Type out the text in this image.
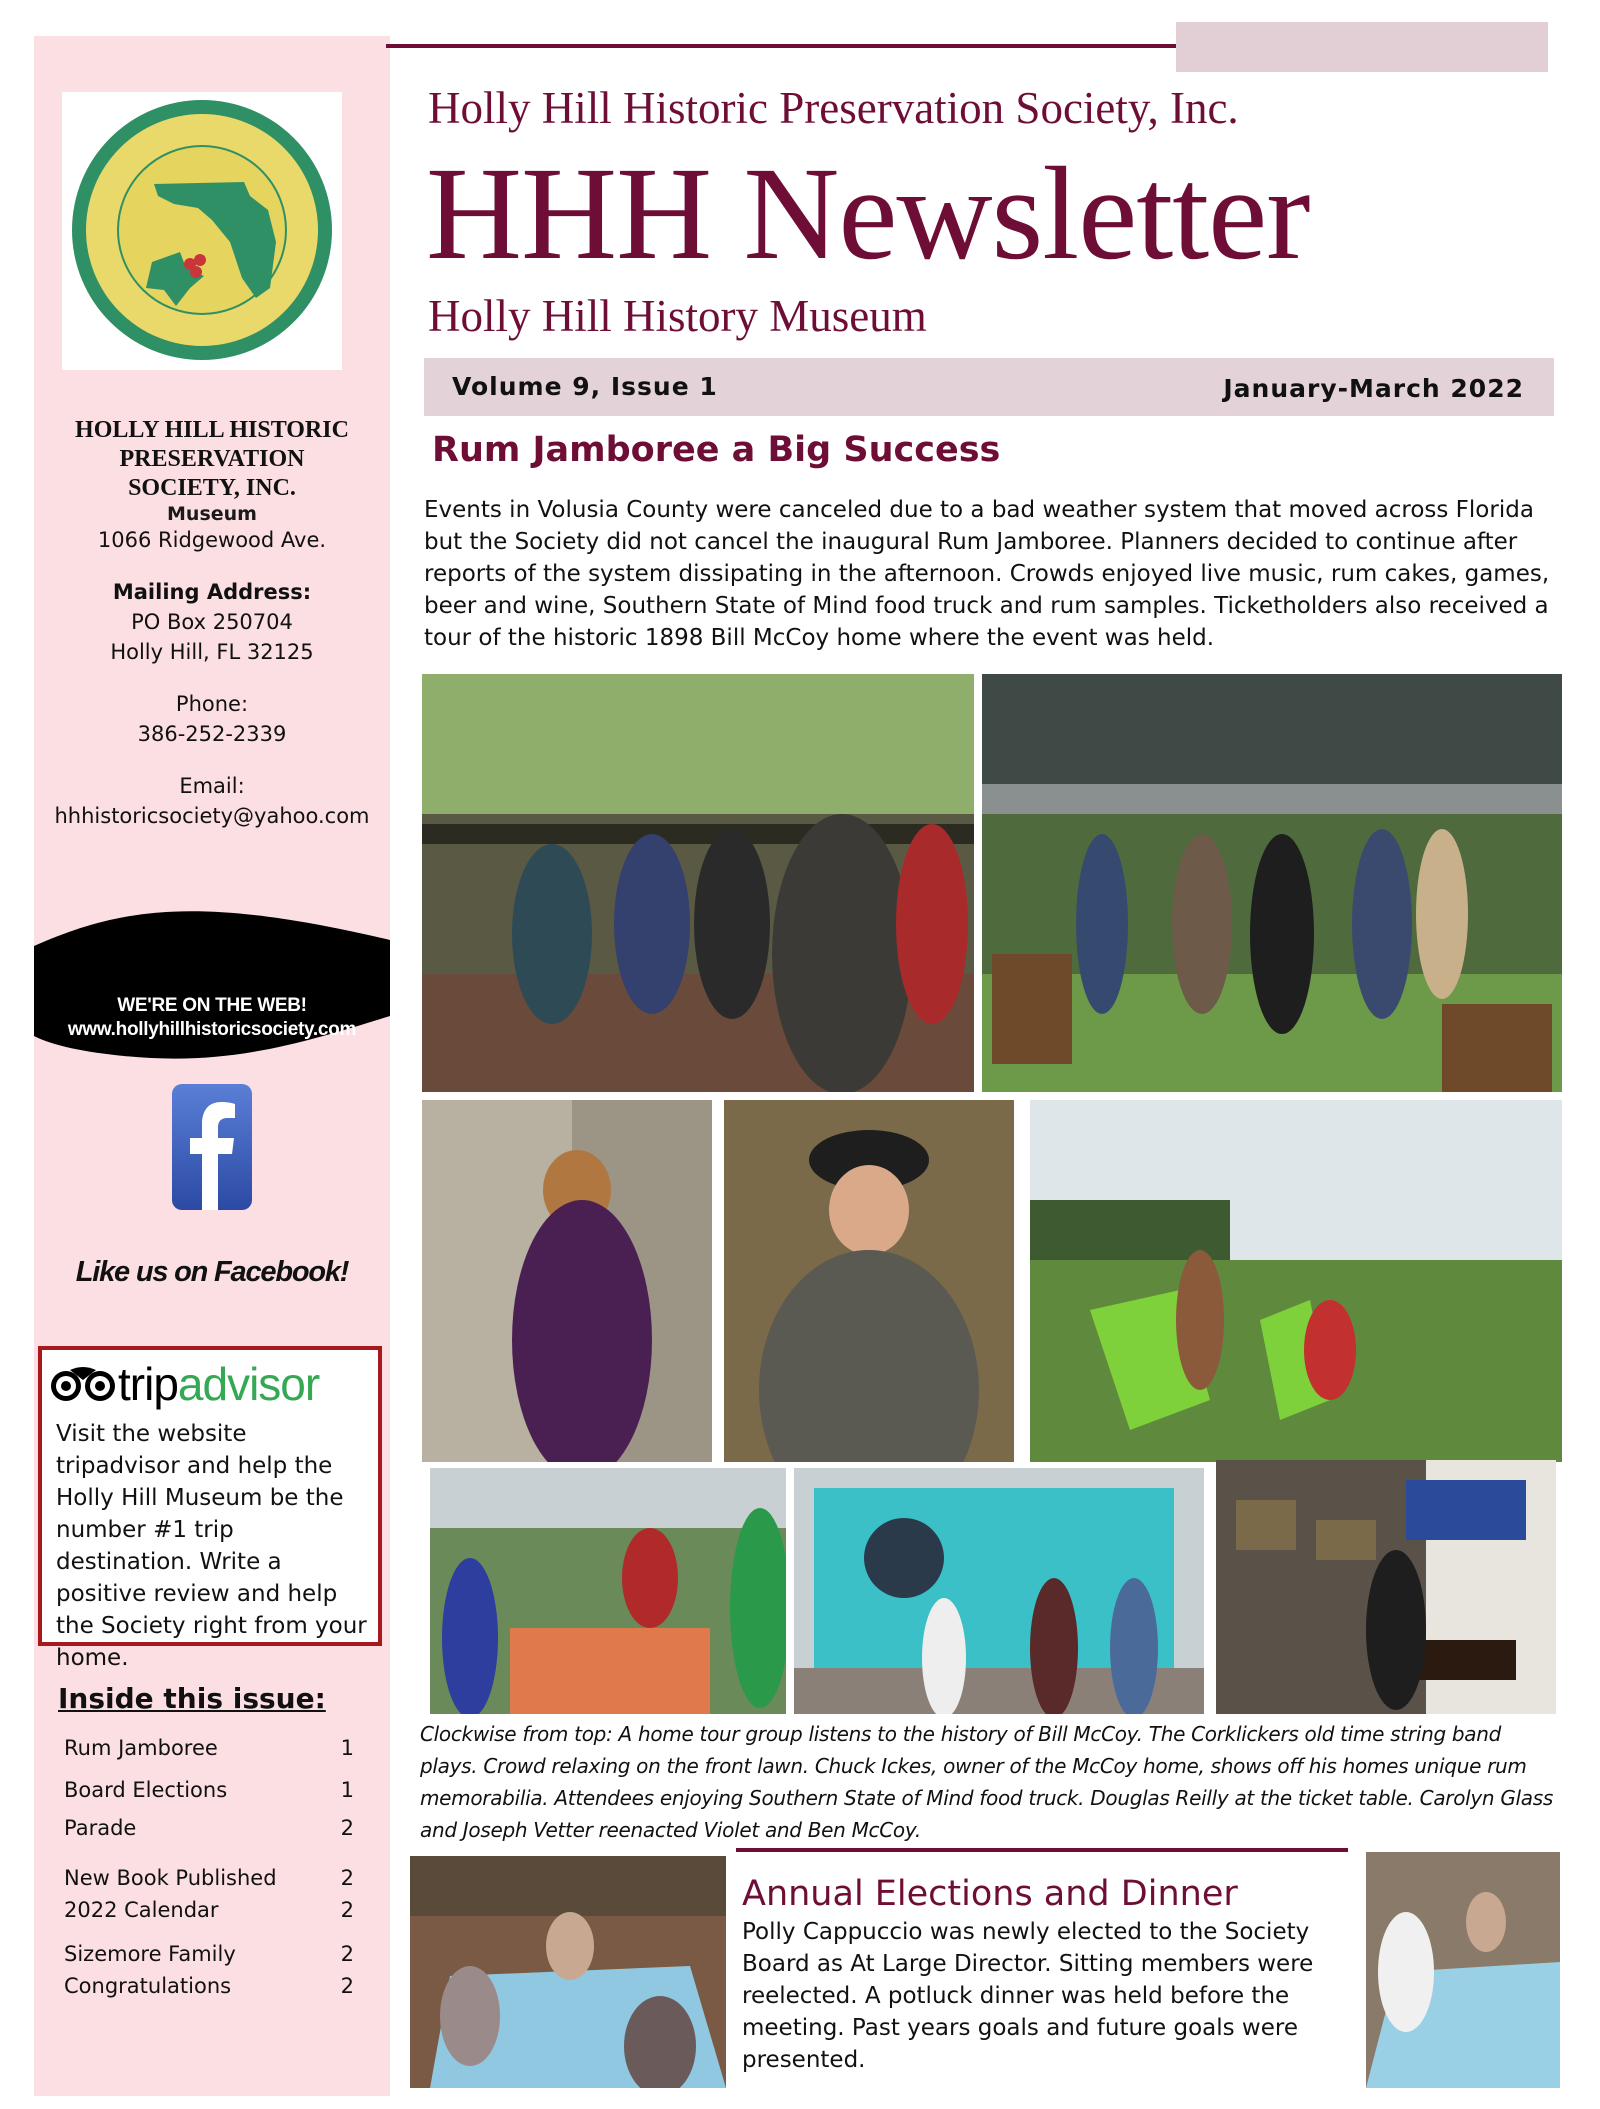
HOLLY HILL HISTORIC PRESERVATION SOCIETY, INC.
Museum
1066 Ridgewood Ave.
Mailing Address:
PO Box 250704
Holly Hill, FL 32125
Phone:
386-252-2339
Email:
hhhistoricsociety@yahoo.com
WE'RE ON THE WEB!
www.hollyhillhistoricsociety.com
Like us on Facebook!
trip advisor
Visit the website tripadvisor and help the Holly Hill Museum be the number #1 trip destination. Write a positive review and help the Society right from your home.
Inside this issue:
Rum Jamboree	1
Board Elections	1
Parade	2
New Book Published	2
2022 Calendar	2
Sizemore Family	2
Congratulations	2
Holly Hill Historic Preservation Society, Inc.
HHH Newsletter
Holly Hill History Museum
Volume 9, Issue 1	January-March 2022
Rum Jamboree a Big Success
Events in Volusia County were canceled due to a bad weather system that moved across Florida but the Society did not cancel the inaugural Rum Jamboree. Planners decided to continue after reports of the system dissipating in the afternoon. Crowds enjoyed live music, rum cakes, games, beer and wine, Southern State of Mind food truck and rum samples. Ticketholders also received a tour of the historic 1898 Bill McCoy home where the event was held.
Clockwise from top: A home tour group listens to the history of Bill McCoy. The Corklickers old time string band plays. Crowd relaxing on the front lawn. Chuck Ickes, owner of the McCoy home, shows off his homes unique rum memorabilia. Attendees enjoying Southern State of Mind food truck. Douglas Reilly at the ticket table. Carolyn Glass and Joseph Vetter reenacted Violet and Ben McCoy.
Annual Elections and Dinner
Polly Cappuccio was newly elected to the Society Board as At Large Director. Sitting members were reelected. A potluck dinner was held before the meeting. Past years goals and future goals were presented.
